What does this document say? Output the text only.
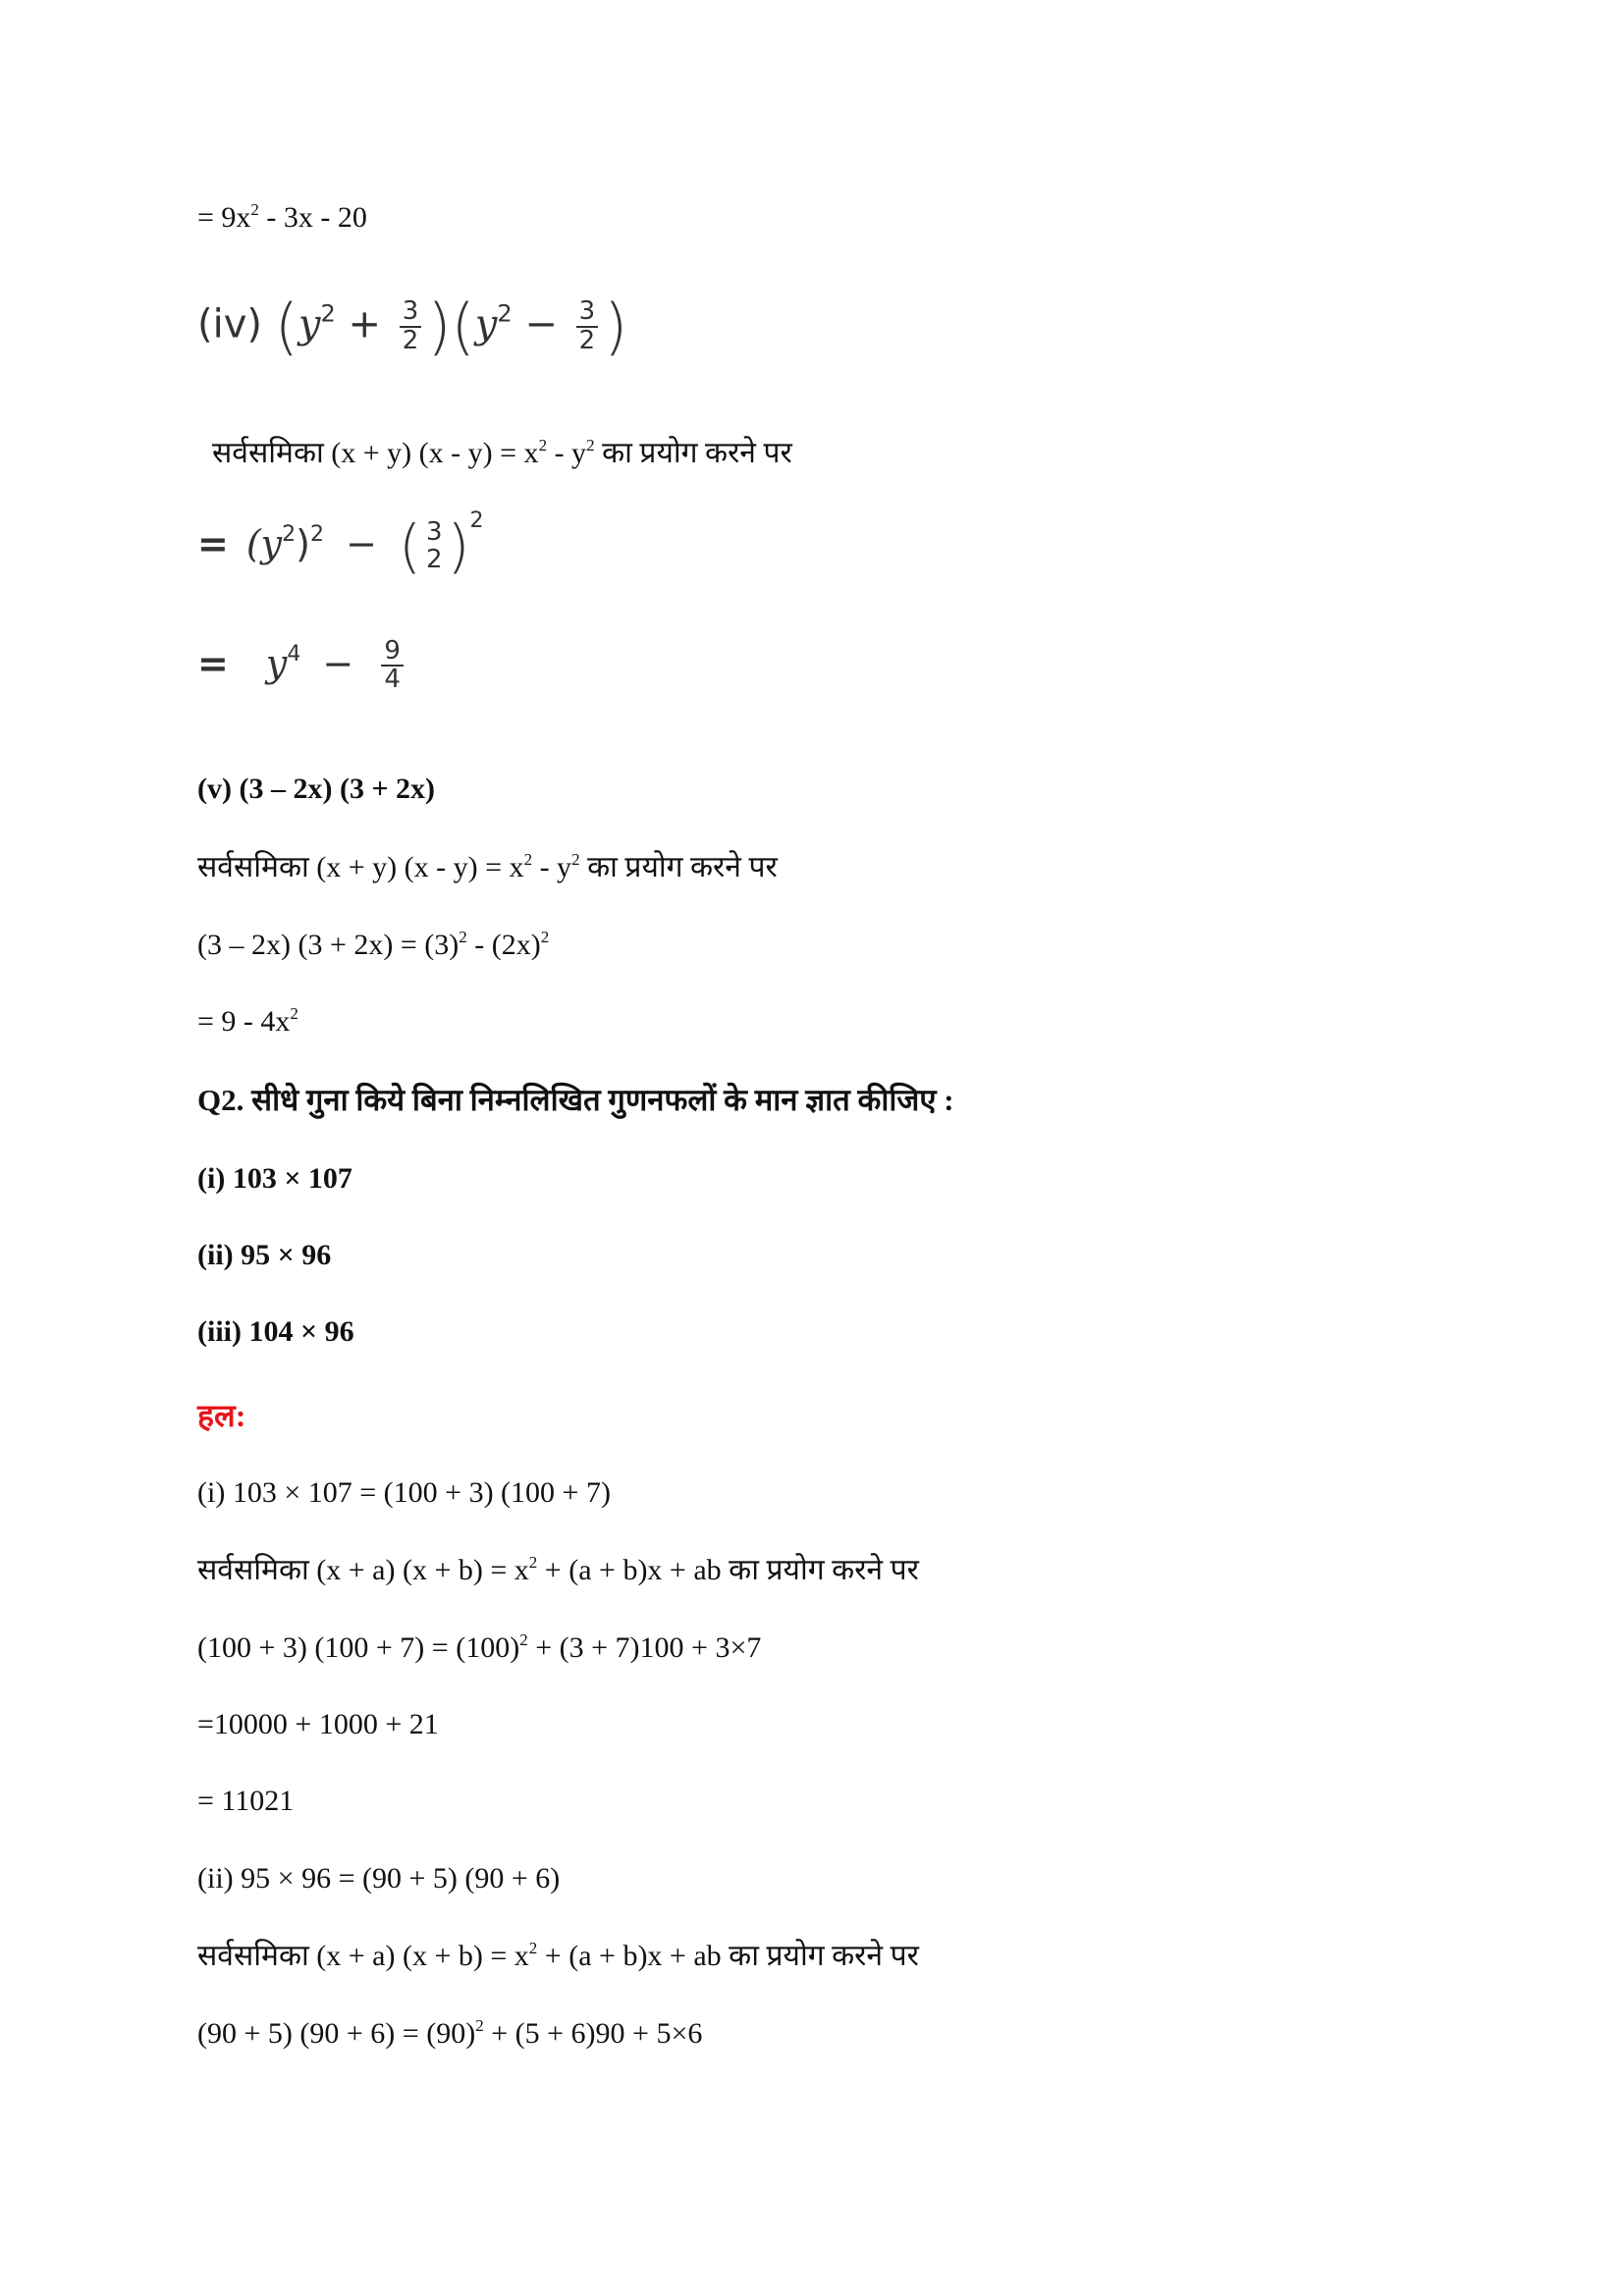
= $9x^2 - 3x - 20$
(iv) $(y^2 + \frac{3}{2} )(y^2 - \frac{3}{2}$ )
सर्वसमिका (x + y) $(x - y) = x^2 - y^2$ का प्रयोग करने पर
= $(y^2)^2$ − ( 3
2 )$^2$
= $y^4 - \frac{9}{4}$
(v) (3 – 2x) (3 + 2x)
सर्वसमिका (x + y) $(x - y) = x^2 - y^2$ का प्रयोग करने पर
(3 – 2x) $(3 + 2x) = (3)^2 - (2x)^2$
= $9 - 4x^2$
Q2. सीधे गुना किये बिना निम्नलिखित गुणनफलों के मान ज्ञात कीजिए :
(i) 103 × 107
(ii) 95 × 96
(iii) 104 × 96
हल:
(i) 103 × 107 = (100 + 3) (100 + 7)
सर्वसमिका (x + a) $(x + b) = x^2 + (a + b)x$ + ab का प्रयोग करने पर
(100 + 3) $(100 + 7) = (100)^2 + (3 + 7)100 + 3\times 7$
=10000 + 1000 + 21
= 11021
(ii) 95 × 96 = (90 + 5) (90 + 6)
सर्वसमिका (x + a) $(x + b) = x^2 + (a + b)x$ + ab का प्रयोग करने पर
(90 + 5) $(90 + 6) = (90)^2 + (5 + 6)90 + 5\times 6$
